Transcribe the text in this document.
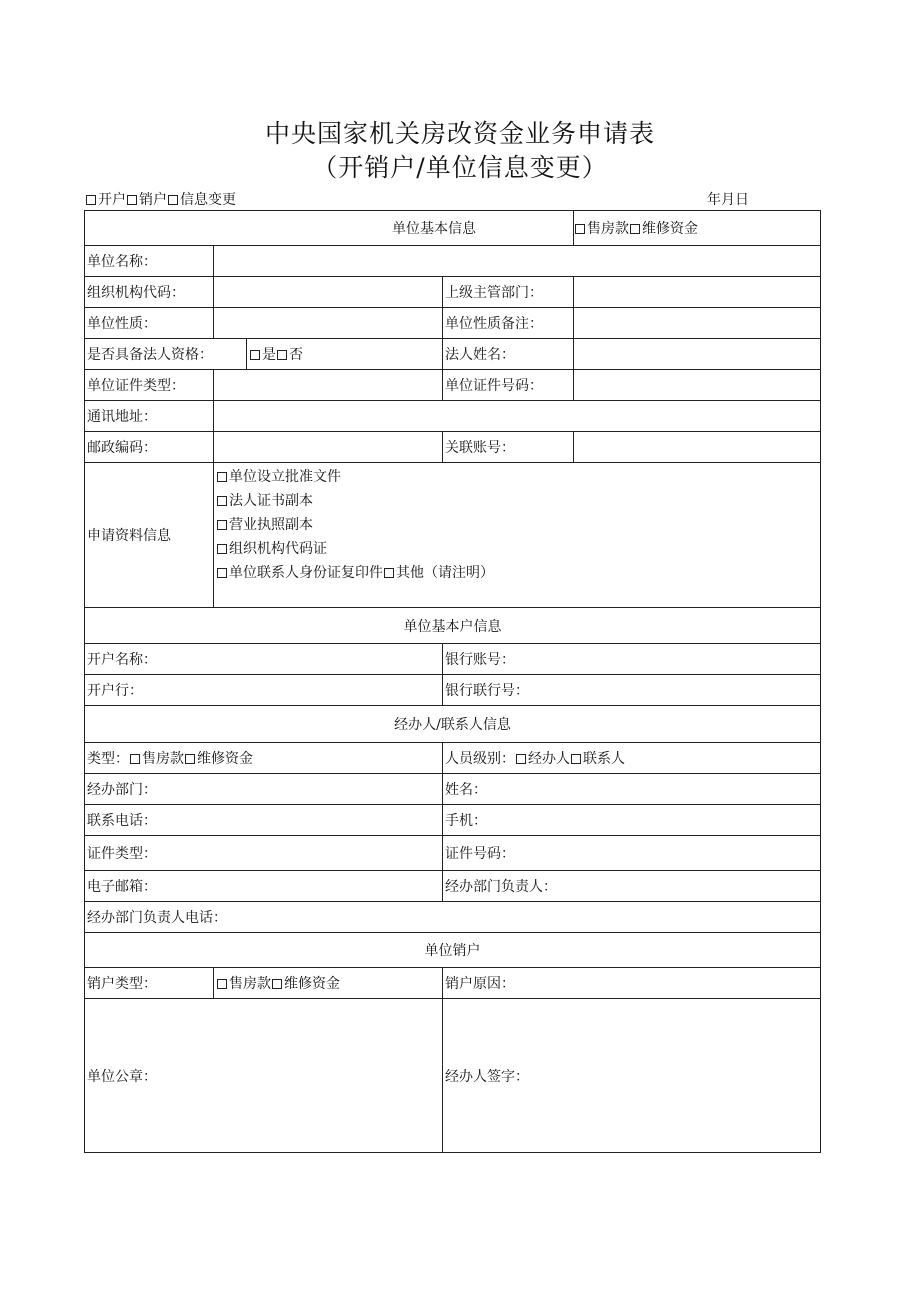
中央国家机关房改资金业务申请表
（开销户/单位信息变更）
开户 销户 信息变更	年月日
单位基本信息				售房款 维修资金
单位名称：				
组织机构代码：			上级主管部门：	
单位性质：			单位性质备注：	
是否具备法人资格：		是 否	法人姓名：	
单位证件类型：			单位证件号码：	
通讯地址：				
邮政编码：			关联账号：	
申请资料信息	单位设立批准文件
法人证书副本
营业执照副本
组织机构代码证
单位联系人身份证复印件 其他（请注明）			

单位基本户信息				
开户名称：			银行账号：	
开户行：			银行联行号：	
经办人/联系人信息				
类型： 售房款 维修资金			人员级别： 经办人 联系人	
经办部门：			姓名：	
联系电话：			手机：	
证件类型：			证件号码：	
电子邮箱：			经办部门负责人：	
经办部门负责人电话：				
单位销户				
销户类型：	售房款 维修资金		销户原因：	
单位公章：			经办人签字：	
